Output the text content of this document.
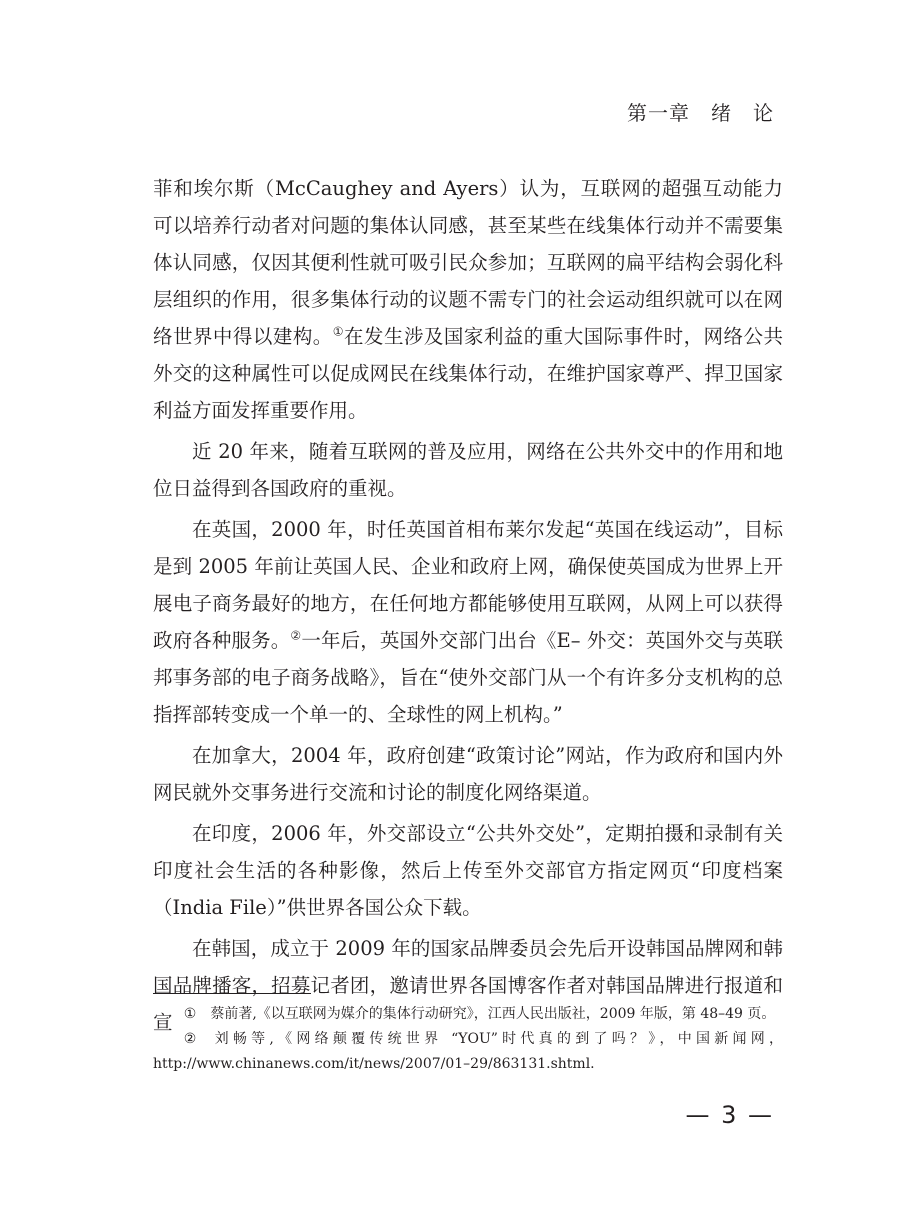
第一章　绪　论

菲和埃尔斯（McCaughey and Ayers）认为，互联网的超强互动能力可以培养行动者对问题的集体认同感，甚至某些在线集体行动并不需要集体认同感，仅因其便利性就可吸引民众参加；互联网的扁平结构会弱化科层组织的作用，很多集体行动的议题不需专门的社会运动组织就可以在网络世界中得以建构。①在发生涉及国家利益的重大国际事件时，网络公共外交的这种属性可以促成网民在线集体行动，在维护国家尊严、捍卫国家利益方面发挥重要作用。

近 20 年来，随着互联网的普及应用，网络在公共外交中的作用和地位日益得到各国政府的重视。

在英国，2000 年，时任英国首相布莱尔发起“英国在线运动”，目标是到 2005 年前让英国人民、企业和政府上网，确保使英国成为世界上开展电子商务最好的地方，在任何地方都能够使用互联网，从网上可以获得政府各种服务。②一年后，英国外交部门出台《E– 外交：英国外交与英联邦事务部的电子商务战略》，旨在“使外交部门从一个有许多分支机构的总指挥部转变成一个单一的、全球性的网上机构。”

在加拿大，2004 年，政府创建“政策讨论”网站，作为政府和国内外网民就外交事务进行交流和讨论的制度化网络渠道。

在印度，2006 年，外交部设立“公共外交处”，定期拍摄和录制有关印度社会生活的各种影像，然后上传至外交部官方指定网页“印度档案（India File）”供世界各国公众下载。

在韩国，成立于 2009 年的国家品牌委员会先后开设韩国品牌网和韩国品牌播客，招募记者团，邀请世界各国博客作者对韩国品牌进行报道和宣 ① 蔡前著,《以互联网为媒介的集体行动研究》，江西人民出版社，2009 年版，第 48–49 页。

② 刘畅等,《网络颠覆传统世界 “YOU”时代真的到了吗？》，中国新闻网，http://www.chinanews.com/it/news/2007/01–29/863131.shtml.

— 3 —
